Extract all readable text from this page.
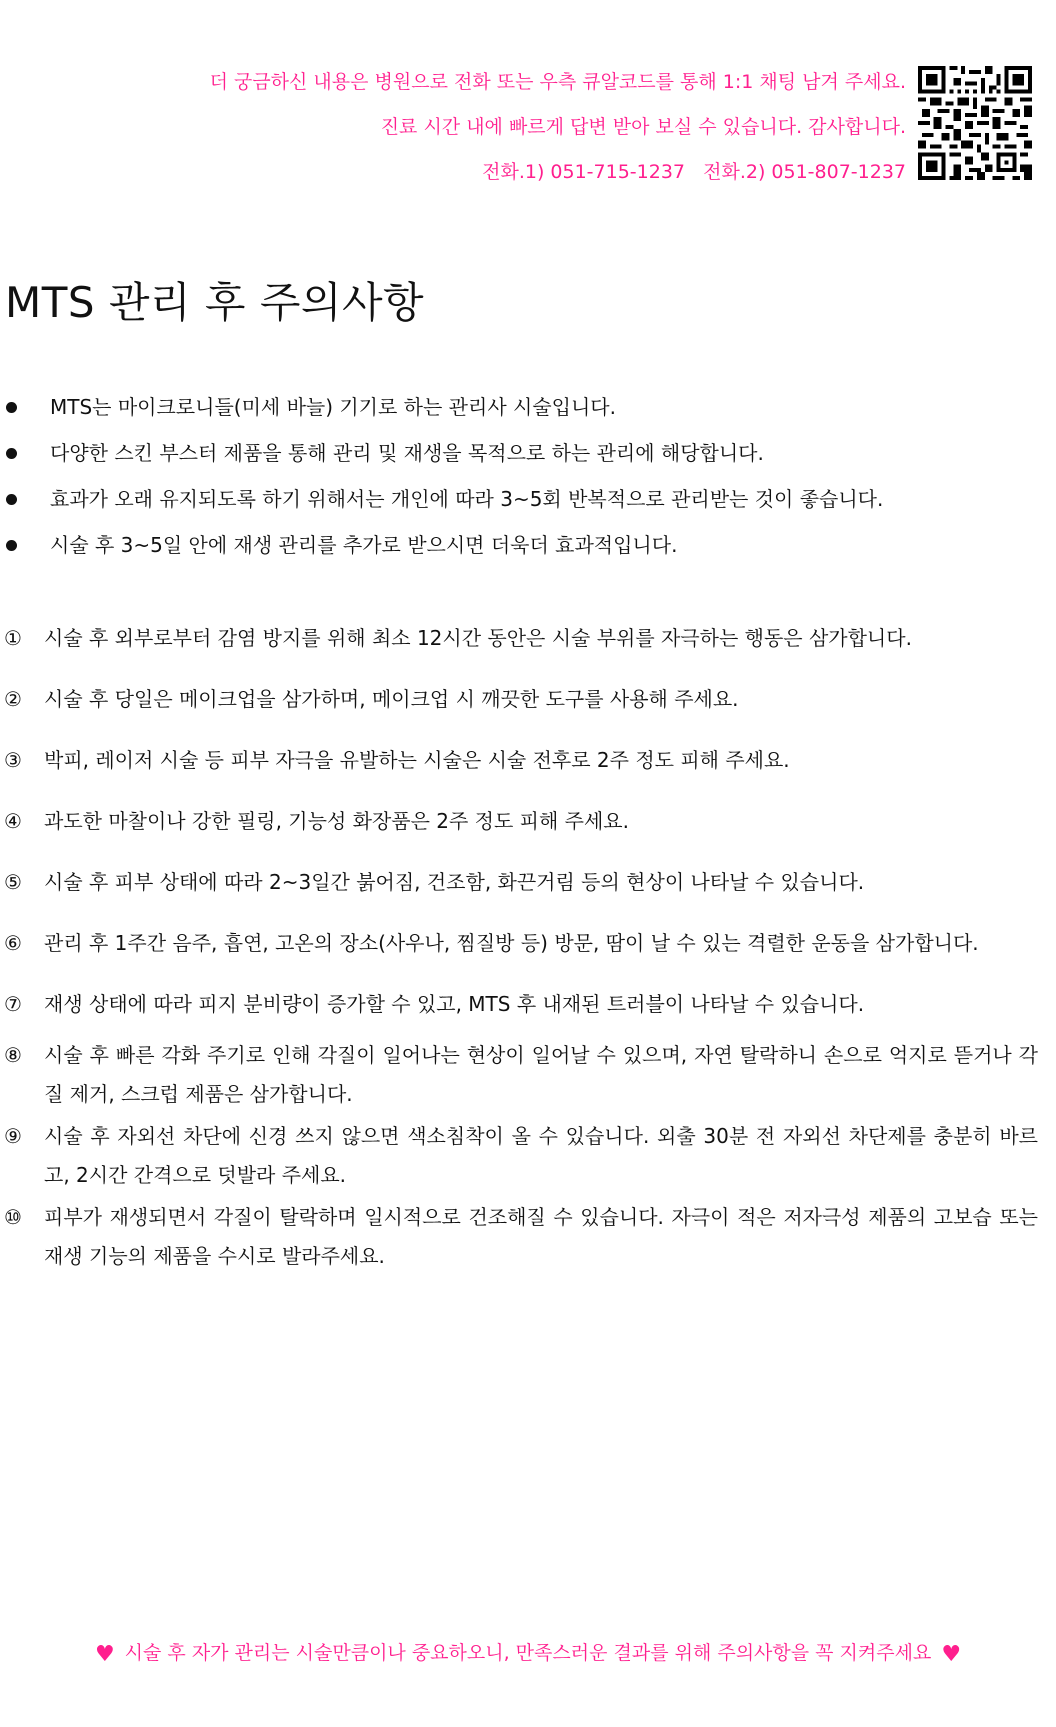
더 궁금하신 내용은 병원으로 전화 또는 우측 큐알코드를 통해 1:1 채팅 남겨 주세요.
진료 시간 내에 빠르게 답변 받아 보실 수 있습니다. 감사합니다.
전화.1) 051-715-1237   전화.2) 051-807-1237
MTS 관리 후 주의사항
MTS는 마이크로니들(미세 바늘) 기기로 하는 관리사 시술입니다.
다양한 스킨 부스터 제품을 통해 관리 및 재생을 목적으로 하는 관리에 해당합니다.
효과가 오래 유지되도록 하기 위해서는 개인에 따라 3~5회 반복적으로 관리받는 것이 좋습니다.
시술 후 3~5일 안에 재생 관리를 추가로 받으시면 더욱더 효과적입니다.
① 시술 후 외부로부터 감염 방지를 위해 최소 12시간 동안은 시술 부위를 자극하는 행동은 삼가합니다.
② 시술 후 당일은 메이크업을 삼가하며, 메이크업 시 깨끗한 도구를 사용해 주세요.
③ 박피, 레이저 시술 등 피부 자극을 유발하는 시술은 시술 전후로 2주 정도 피해 주세요.
④ 과도한 마찰이나 강한 필링, 기능성 화장품은 2주 정도 피해 주세요.
⑤ 시술 후 피부 상태에 따라 2~3일간 붉어짐, 건조함, 화끈거림 등의 현상이 나타날 수 있습니다.
⑥ 관리 후 1주간 음주, 흡연, 고온의 장소(사우나, 찜질방 등) 방문, 땀이 날 수 있는 격렬한 운동을 삼가합니다.
⑦ 재생 상태에 따라 피지 분비량이 증가할 수 있고, MTS 후 내재된 트러블이 나타날 수 있습니다.
⑧ 시술 후 빠른 각화 주기로 인해 각질이 일어나는 현상이 일어날 수 있으며, 자연 탈락하니 손으로 억지로 뜯거나 각질 제거, 스크럽 제품은 삼가합니다.
⑨ 시술 후 자외선 차단에 신경 쓰지 않으면 색소침착이 올 수 있습니다. 외출 30분 전 자외선 차단제를 충분히 바르고, 2시간 간격으로 덧발라 주세요.
⑩ 피부가 재생되면서 각질이 탈락하며 일시적으로 건조해질 수 있습니다. 자극이 적은 저자극성 제품의 고보습 또는 재생 기능의 제품을 수시로 발라주세요.
♥ 시술 후 자가 관리는 시술만큼이나 중요하오니, 만족스러운 결과를 위해 주의사항을 꼭 지켜주세요 ♥
